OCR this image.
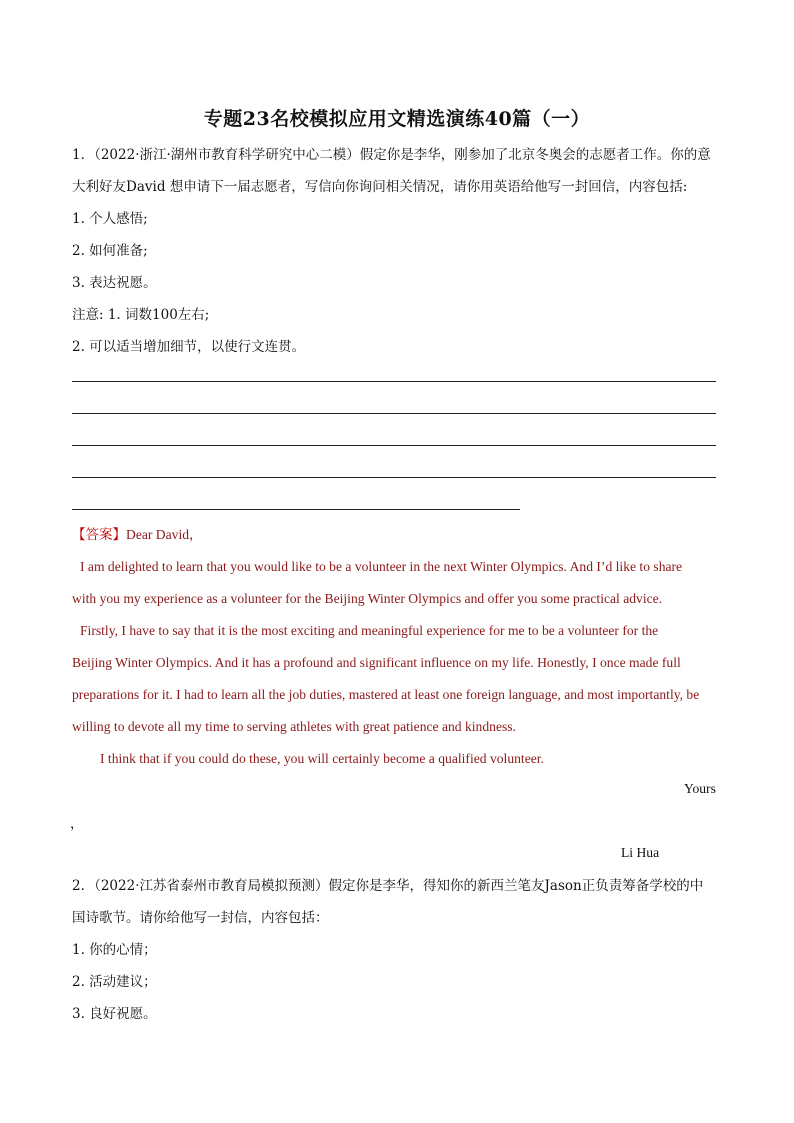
专题23名校模拟应用文精选演练40篇（一）
1．（2022·浙江·湖州市教育科学研究中心二模）假定你是李华，刚参加了北京冬奥会的志愿者工作。你的意
大利好友David 想申请下一届志愿者，写信向你询问相关情况，请你用英语给他写一封回信，内容包括:
1. 个人感悟;
2. 如何准备;
3. 表达祝愿。
注意: 1. 词数100左右;
2. 可以适当增加细节，以使行文连贯。
【答案】Dear David，
I am delighted to learn that you would like to be a volunteer in the next Winter Olympics. And I’d like to share
with you my experience as a volunteer for the Beijing Winter Olympics and offer you some practical advice.
Firstly, I have to say that it is the most exciting and meaningful experience for me to be a volunteer for the
Beijing Winter Olympics. And it has a profound and significant influence on my life. Honestly, I once made full
preparations for it. I had to learn all the job duties, mastered at least one foreign language, and most importantly, be
willing to devote all my time to serving athletes with great patience and kindness.
I think that if you could do these, you will certainly become a qualified volunteer.
Yours
，
Li Hua
2．（2022·江苏省泰州市教育局模拟预测）假定你是李华，得知你的新西兰笔友Jason正负责筹备学校的中
国诗歌节。请你给他写一封信，内容包括：
1. 你的心情；
2. 活动建议；
3. 良好祝愿。
